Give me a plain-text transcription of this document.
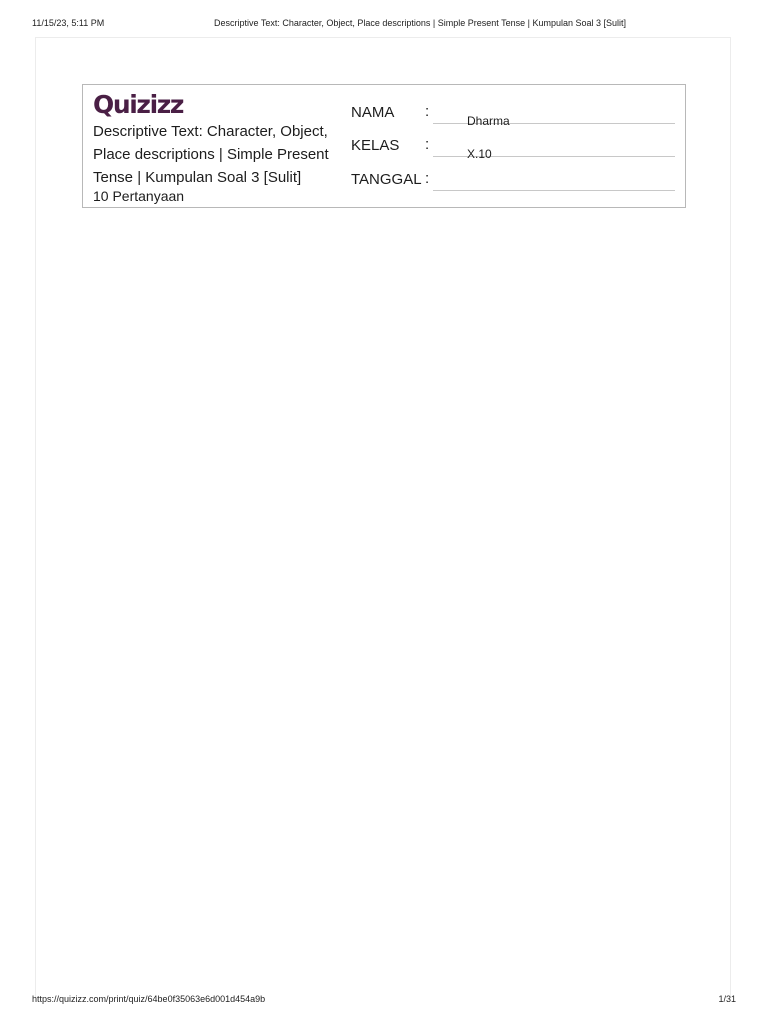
11/15/23, 5:11 PM	Descriptive Text: Character, Object, Place descriptions | Simple Present Tense | Kumpulan Soal 3 [Sulit]
Quizizz
Descriptive Text: Character, Object, Place descriptions | Simple Present Tense | Kumpulan Soal 3 [Sulit]
10 Pertanyaan
NAMA :
Dharma
KELAS :
X.10
TANGGAL :
https://quizizz.com/print/quiz/64be0f35063e6d001d454a9b	1/31
